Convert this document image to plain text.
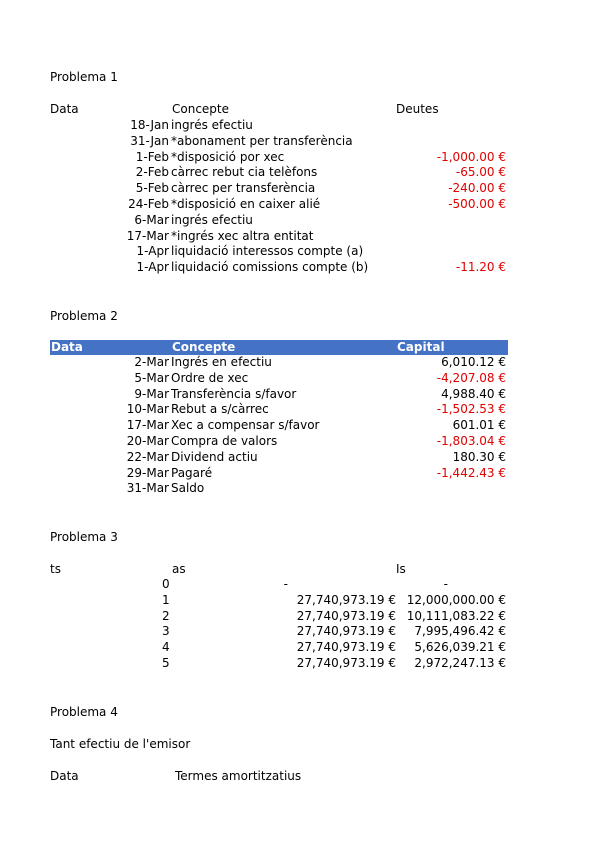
Problema 1
Data	Concepte	Deutes
18-Jan ingrés efectiu
31-Jan *abonament per transferència
1-Feb *disposició por xec	-1,000.00 €
2-Feb càrrec rebut cia telèfons	-65.00 €
5-Feb càrrec per transferència	-240.00 €
24-Feb *disposició en caixer alié	-500.00 €
6-Mar ingrés efectiu
17-Mar *ingrés xec altra entitat
1-Apr liquidació interessos compte (a)
1-Apr liquidació comissions compte (b)	-11.20 €
Problema 2
Data	Concepte	Capital
2-Mar Ingrés en efectiu	6,010.12 €
5-Mar Ordre de xec	-4,207.08 €
9-Mar Transferència s/favor	4,988.40 €
10-Mar Rebut a s/càrrec	-1,502.53 €
17-Mar Xec a compensar s/favor	601.01 €
20-Mar Compra de valors	-1,803.04 €
22-Mar Dividend actiu	180.30 €
29-Mar Pagaré	-1,442.43 €
31-Mar Saldo
Problema 3
ts	as	Is
0	-	-
1	27,740,973.19 € 12,000,000.00 €
2	27,740,973.19 € 10,111,083.22 €
3	27,740,973.19 € 7,995,496.42 €
4	27,740,973.19 € 5,626,039.21 €
5	27,740,973.19 € 2,972,247.13 €
Problema 4
Tant efectiu de l'emisor
Data	Termes amortitzatius
